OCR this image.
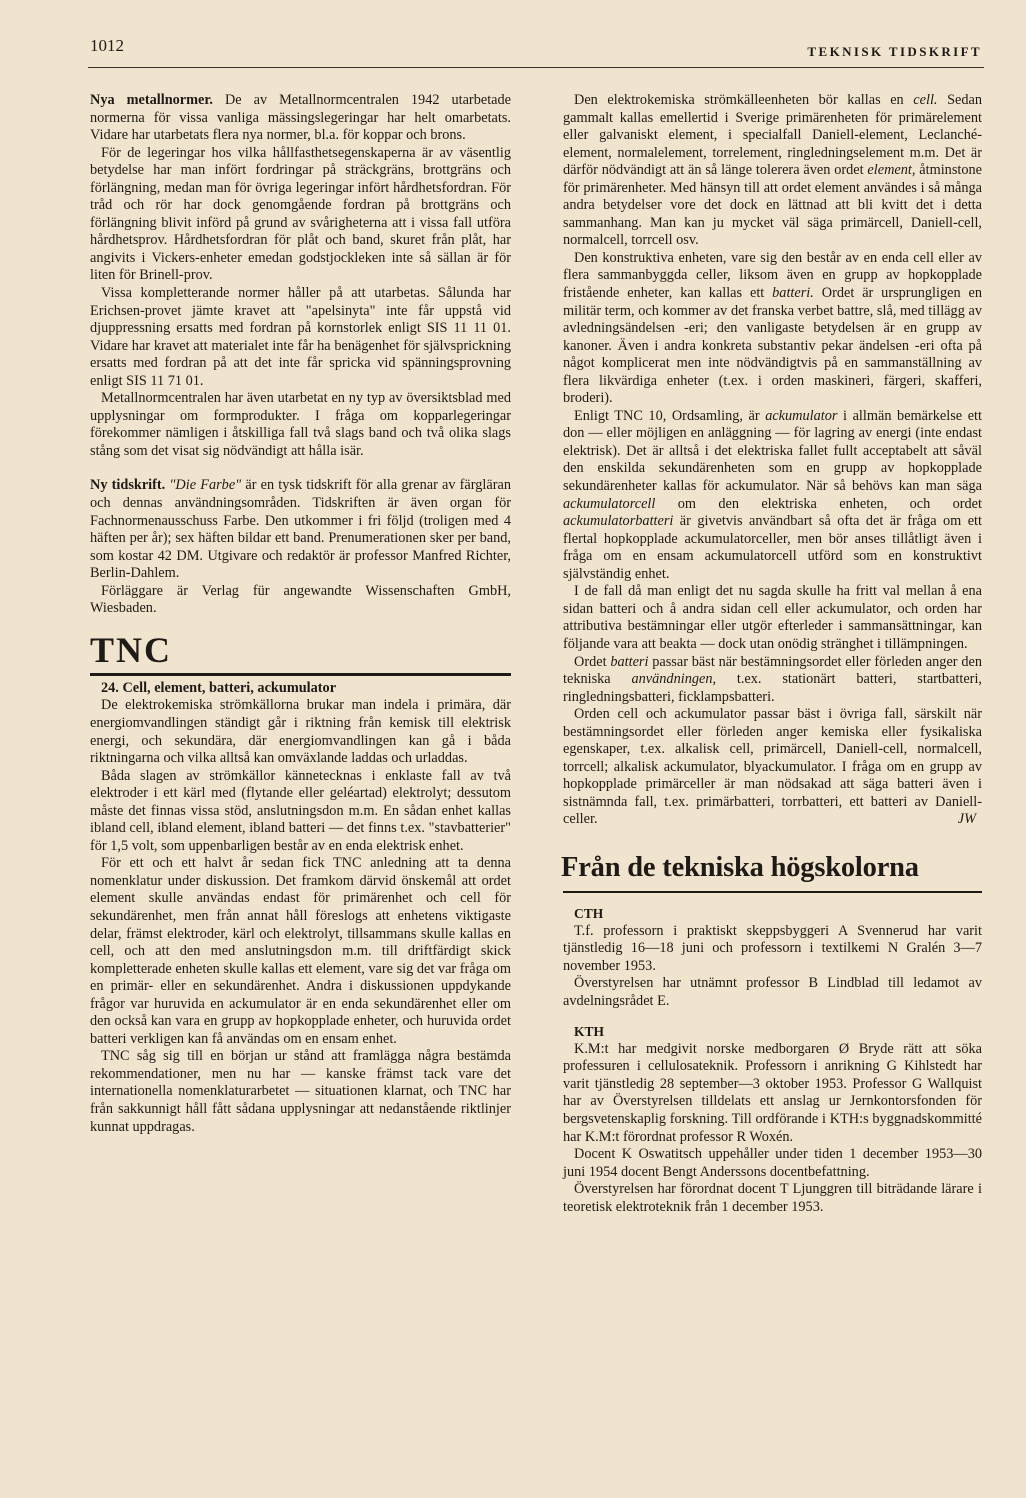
1012	TEKNISK TIDSKRIFT

Nya metallnormer. De av Metallnormcentralen 1942 utarbetade normerna för vissa vanliga mässingslegeringar har helt omarbetats. Vidare har utarbetats flera nya normer, bl.a. för koppar och brons.

För de legeringar hos vilka hållfasthetsegenskaperna är av väsentlig betydelse har man infört fordringar på sträckgräns, brottgräns och förlängning, medan man för övriga legeringar infört hårdhetsfordran. För tråd och rör har dock genomgående fordran på brottgräns och förlängning blivit införd på grund av svårigheterna att i vissa fall utföra hårdhetsprov. Hårdhetsfordran för plåt och band, skuret från plåt, har angivits i Vickers-enheter emedan godstjockleken inte så sällan är för liten för Brinell-prov.

Vissa kompletterande normer håller på att utarbetas. Sålunda har Erichsen-provet jämte kravet att "apelsinyta" inte får uppstå vid djuppressning ersatts med fordran på kornstorlek enligt SIS 11 11 01. Vidare har kravet att materialet inte får ha benägenhet för självsprickning ersatts med fordran på att det inte får spricka vid spänningsprovning enligt SIS 11 71 01.

Metallnormcentralen har även utarbetat en ny typ av översiktsblad med upplysningar om formprodukter. I fråga om kopparlegeringar förekommer nämligen i åtskilliga fall två slags band och två olika slags stång som det visat sig nödvändigt att hålla isär.

Ny tidskrift. "Die Farbe" är en tysk tidskrift för alla grenar av färgläran och dennas användningsområden. Tidskriften är även organ för Fachnormenausschuss Farbe. Den utkommer i fri följd (troligen med 4 häften per år); sex häften bildar ett band. Prenumerationen sker per band, som kostar 42 DM. Utgivare och redaktör är professor Manfred Richter, Berlin-Dahlem.

Förläggare är Verlag für angewandte Wissenschaften GmbH, Wiesbaden.

TNC

24. Cell, element, batteri, ackumulator

De elektrokemiska strömkällorna brukar man indela i primära, där energiomvandlingen ständigt går i riktning från kemisk till elektrisk energi, och sekundära, där energiomvandlingen kan gå i båda riktningarna och vilka alltså kan omväxlande laddas och urladdas.

Båda slagen av strömkällor kännetecknas i enklaste fall av två elektroder i ett kärl med (flytande eller geléartad) elektrolyt; dessutom måste det finnas vissa stöd, anslutningsdon m.m. En sådan enhet kallas ibland cell, ibland element, ibland batteri — det finns t.ex. "stavbatterier" för 1,5 volt, som uppenbarligen består av en enda elektrisk enhet.

För ett och ett halvt år sedan fick TNC anledning att ta denna nomenklatur under diskussion. Det framkom därvid önskemål att ordet element skulle användas endast för primärenhet och cell för sekundärenhet, men från annat håll föreslogs att enhetens viktigaste delar, främst elektroder, kärl och elektrolyt, tillsammans skulle kallas en cell, och att den med anslutningsdon m.m. till driftfärdigt skick kompletterade enheten skulle kallas ett element, vare sig det var fråga om en primär- eller en sekundärenhet. Andra i diskussionen uppdykande frågor var huruvida en ackumulator är en enda sekundärenhet eller om den också kan vara en grupp av hopkopplade enheter, och huruvida ordet batteri verkligen kan få användas om en ensam enhet.

TNC såg sig till en början ur stånd att framlägga några bestämda rekommendationer, men nu har — kanske främst tack vare det internationella nomenklaturarbetet — situationen klarnat, och TNC har från sakkunnigt håll fått sådana upplysningar att nedanstående riktlinjer kunnat uppdragas.

Den elektrokemiska strömkälleenheten bör kallas en cell. Sedan gammalt kallas emellertid i Sverige primärenheten för primärelement eller galvaniskt element, i specialfall Daniell-element, Leclanché-element, normalelement, torrelement, ringledningselement m.m. Det är därför nödvändigt att än så länge tolerera även ordet element, åtminstone för primärenheter. Med hänsyn till att ordet element användes i så många andra betydelser vore det dock en lättnad att bli kvitt det i detta sammanhang. Man kan ju mycket väl säga primärcell, Daniell-cell, normalcell, torrcell osv.

Den konstruktiva enheten, vare sig den består av en enda cell eller av flera sammanbyggda celler, liksom även en grupp av hopkopplade fristående enheter, kan kallas ett batteri. Ordet är ursprungligen en militär term, och kommer av det franska verbet battre, slå, med tillägg av avledningsändelsen -eri; den vanligaste betydelsen är en grupp av kanoner. Även i andra konkreta substantiv pekar ändelsen -eri ofta på något komplicerat men inte nödvändigtvis på en sammanställning av flera likvärdiga enheter (t.ex. i orden maskineri, färgeri, skafferi, broderi).

Enligt TNC 10, Ordsamling, är ackumulator i allmän bemärkelse ett don — eller möjligen en anläggning — för lagring av energi (inte endast elektrisk). Det är alltså i det elektriska fallet fullt acceptabelt att såväl den enskilda sekundärenheten som en grupp av hopkopplade sekundärenheter kallas för ackumulator. När så behövs kan man säga ackumulatorcell om den elektriska enheten, och ordet ackumulatorbatteri är givetvis användbart så ofta det är fråga om ett flertal hopkopplade ackumulatorceller, men bör anses tillåtligt även i fråga om en ensam ackumulatorcell utförd som en konstruktivt självständig enhet.

I de fall då man enligt det nu sagda skulle ha fritt val mellan å ena sidan batteri och å andra sidan cell eller ackumulator, och orden har attributiva bestämningar eller utgör efterleder i sammansättningar, kan följande vara att beakta — dock utan onödig stränghet i tillämpningen.

Ordet batteri passar bäst när bestämningsordet eller förleden anger den tekniska användningen, t.ex. stationärt batteri, startbatteri, ringledningsbatteri, ficklampsbatteri.

Orden cell och ackumulator passar bäst i övriga fall, särskilt när bestämningsordet eller förleden anger kemiska eller fysikaliska egenskaper, t.ex. alkalisk cell, primärcell, Daniell-cell, normalcell, torrcell; alkalisk ackumulator, blyackumulator. I fråga om en grupp av hopkopplade primärceller är man nödsakad att säga batteri även i sistnämnda fall, t.ex. primärbatteri, torrbatteri, ett batteri av Daniell-celler.	JW

Från de tekniska högskolorna

CTH

T.f. professorn i praktiskt skeppsbyggeri A Svennerud har varit tjänstledig 16—18 juni och professorn i textilkemi N Gralén 3—7 november 1953.

Överstyrelsen har utnämnt professor B Lindblad till ledamot av avdelningsrådet E.

KTH

K.M:t har medgivit norske medborgaren Ø Bryde rätt att söka professuren i cellulosateknik. Professorn i anrikning G Kihlstedt har varit tjänstledig 28 september—3 oktober 1953. Professor G Wallquist har av Överstyrelsen tilldelats ett anslag ur Jernkontorsfonden för bergsvetenskaplig forskning. Till ordförande i KTH:s byggnadskommitté har K.M:t förordnat professor R Woxén.

Docent K Oswatitsch uppehåller under tiden 1 december 1953—30 juni 1954 docent Bengt Anderssons docentbefattning.

Överstyrelsen har förordnat docent T Ljunggren till biträdande lärare i teoretisk elektroteknik från 1 december 1953.
